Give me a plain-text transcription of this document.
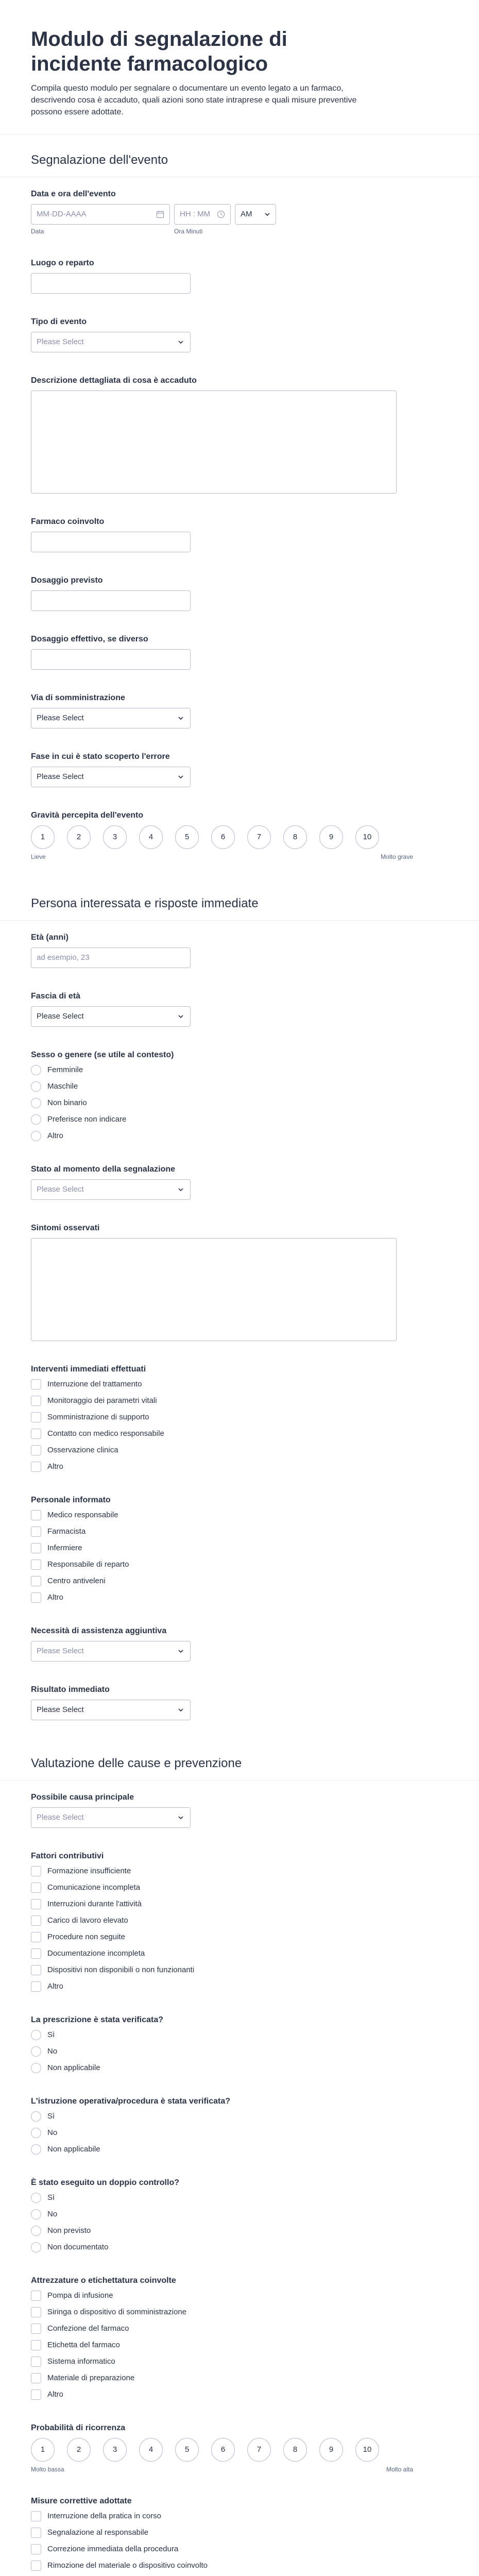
Modulo di segnalazione di incidente farmacologico

Compila questo modulo per segnalare o documentare un evento legato a un farmaco, descrivendo cosa è accaduto, quali azioni sono state intraprese e quali misure preventive possono essere adottate.

Segnalazione dell'evento
Data e ora dell'evento
MM-DD-AAAA
Data
HH : MM
Ora Minuti
AM
Luogo o reparto
Tipo di evento
Please Select
Descrizione dettagliata di cosa è accaduto
Farmaco coinvolto
Dosaggio previsto
Dosaggio effettivo, se diverso
Via di somministrazione
Please Select
Fase in cui è stato scoperto l'errore
Please Select
Gravità percepita dell'evento
1	2	3	4	5	6	7	8	9	10
Lieve	Molto grave
Persona interessata e risposte immediate
Età (anni)
ad esempio, 23
Fascia di età
Please Select
Sesso o genere (se utile al contesto)
Femminile
Maschile
Non binario
Preferisce non indicare
Altro
Stato al momento della segnalazione
Please Select
Sintomi osservati
Interventi immediati effettuati
Interruzione del trattamento
Monitoraggio dei parametri vitali
Somministrazione di supporto
Contatto con medico responsabile
Osservazione clinica
Altro
Personale informato
Medico responsabile
Farmacista
Infermiere
Responsabile di reparto
Centro antiveleni
Altro
Necessità di assistenza aggiuntiva
Please Select
Risultato immediato
Please Select
Valutazione delle cause e prevenzione
Possibile causa principale
Please Select
Fattori contributivi
Formazione insufficiente
Comunicazione incompleta
Interruzioni durante l'attività
Carico di lavoro elevato
Procedure non seguite
Documentazione incompleta
Dispositivi non disponibili o non funzionanti
Altro
La prescrizione è stata verificata?
Sì
No
Non applicabile
L'istruzione operativa/procedura è stata verificata?
Sì
No
Non applicabile
È stato eseguito un doppio controllo?
Sì
No
Non previsto
Non documentato
Attrezzature o etichettatura coinvolte
Pompa di infusione
Siringa o dispositivo di somministrazione
Confezione del farmaco
Etichetta del farmaco
Sistema informatico
Materiale di preparazione
Altro
Probabilità di ricorrenza
1	2	3	4	5	6	7	8	9	10
Molto bassa	Molto alta
Misure correttive adottate
Interruzione della pratica in corso
Segnalazione al responsabile
Correzione immediata della procedura
Rimozione del materiale o dispositivo coinvolto
